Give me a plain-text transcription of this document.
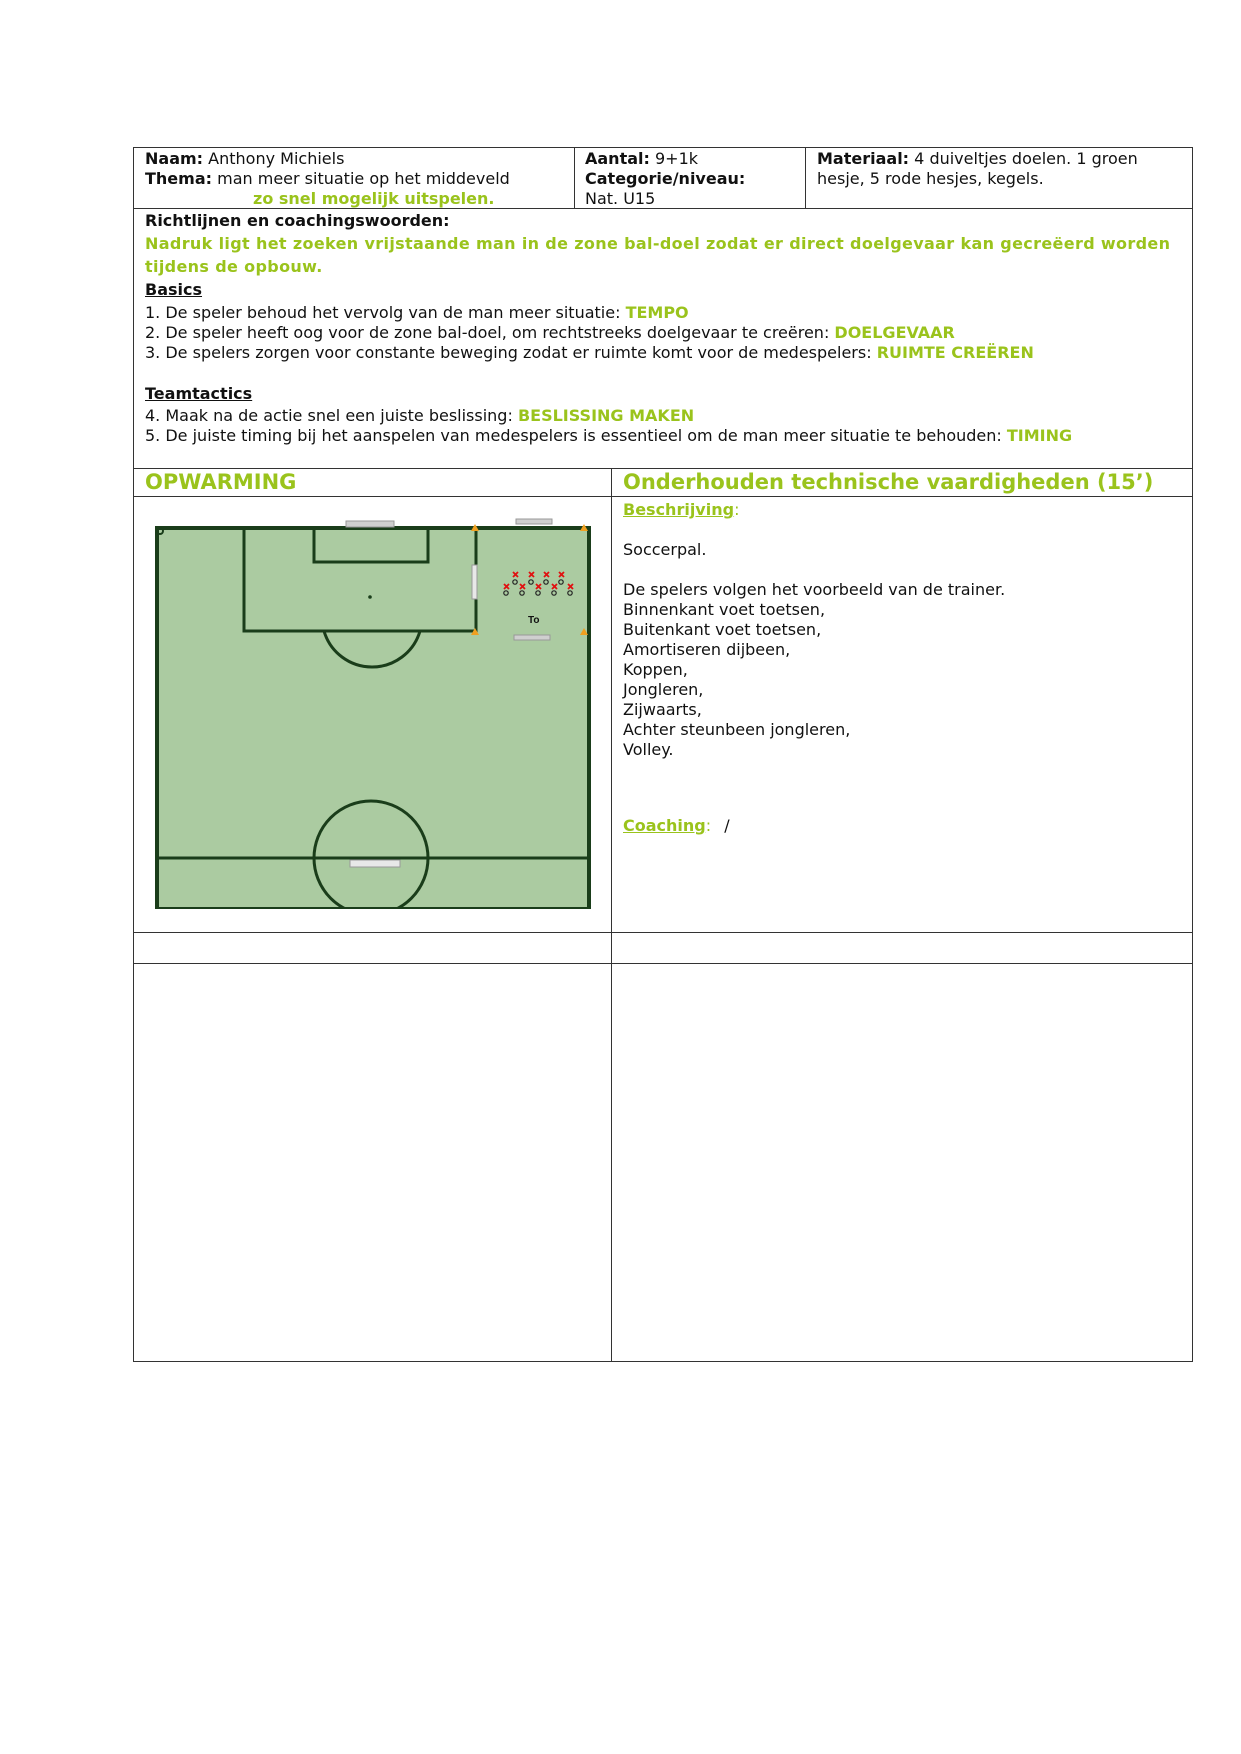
Naam: Anthony Michiels

Thema: man meer situatie op het middeveld

zo snel mogelijk uitspelen.

Aantal: 9+1k

Categorie/niveau:

Nat. U15

Materiaal: 4 duiveltjes doelen. 1 groen

hesje, 5 rode hesjes, kegels.

Richtlijnen en coachingswoorden:

Nadruk ligt het zoeken vrijstaande man in de zone bal-doel zodat er direct doelgevaar kan gecreëerd worden

tijdens de opbouw.

Basics

1. De speler behoud het vervolg van de man meer situatie: TEMPO

2. De speler heeft oog voor de zone bal-doel, om rechtstreeks doelgevaar te creëren: DOELGEVAAR

3. De spelers zorgen voor constante beweging zodat er ruimte komt voor de medespelers: RUIMTE CREËREN

Teamtactics

4. Maak na de actie snel een juiste beslissing: BESLISSING MAKEN

5. De juiste timing bij het aanspelen van medespelers is essentieel om de man meer situatie te behouden: TIMING

OPWARMING	Onderhouden technische vaardigheden (15’)

To

Beschrijving:

Soccerpal.

De spelers volgen het voorbeeld van de trainer.

Binnenkant voet toetsen,

Buitenkant voet toetsen,

Amortiseren dijbeen,

Koppen,

Jongleren,

Zijwaarts,

Achter steunbeen jongleren,

Volley.

Coaching: /
